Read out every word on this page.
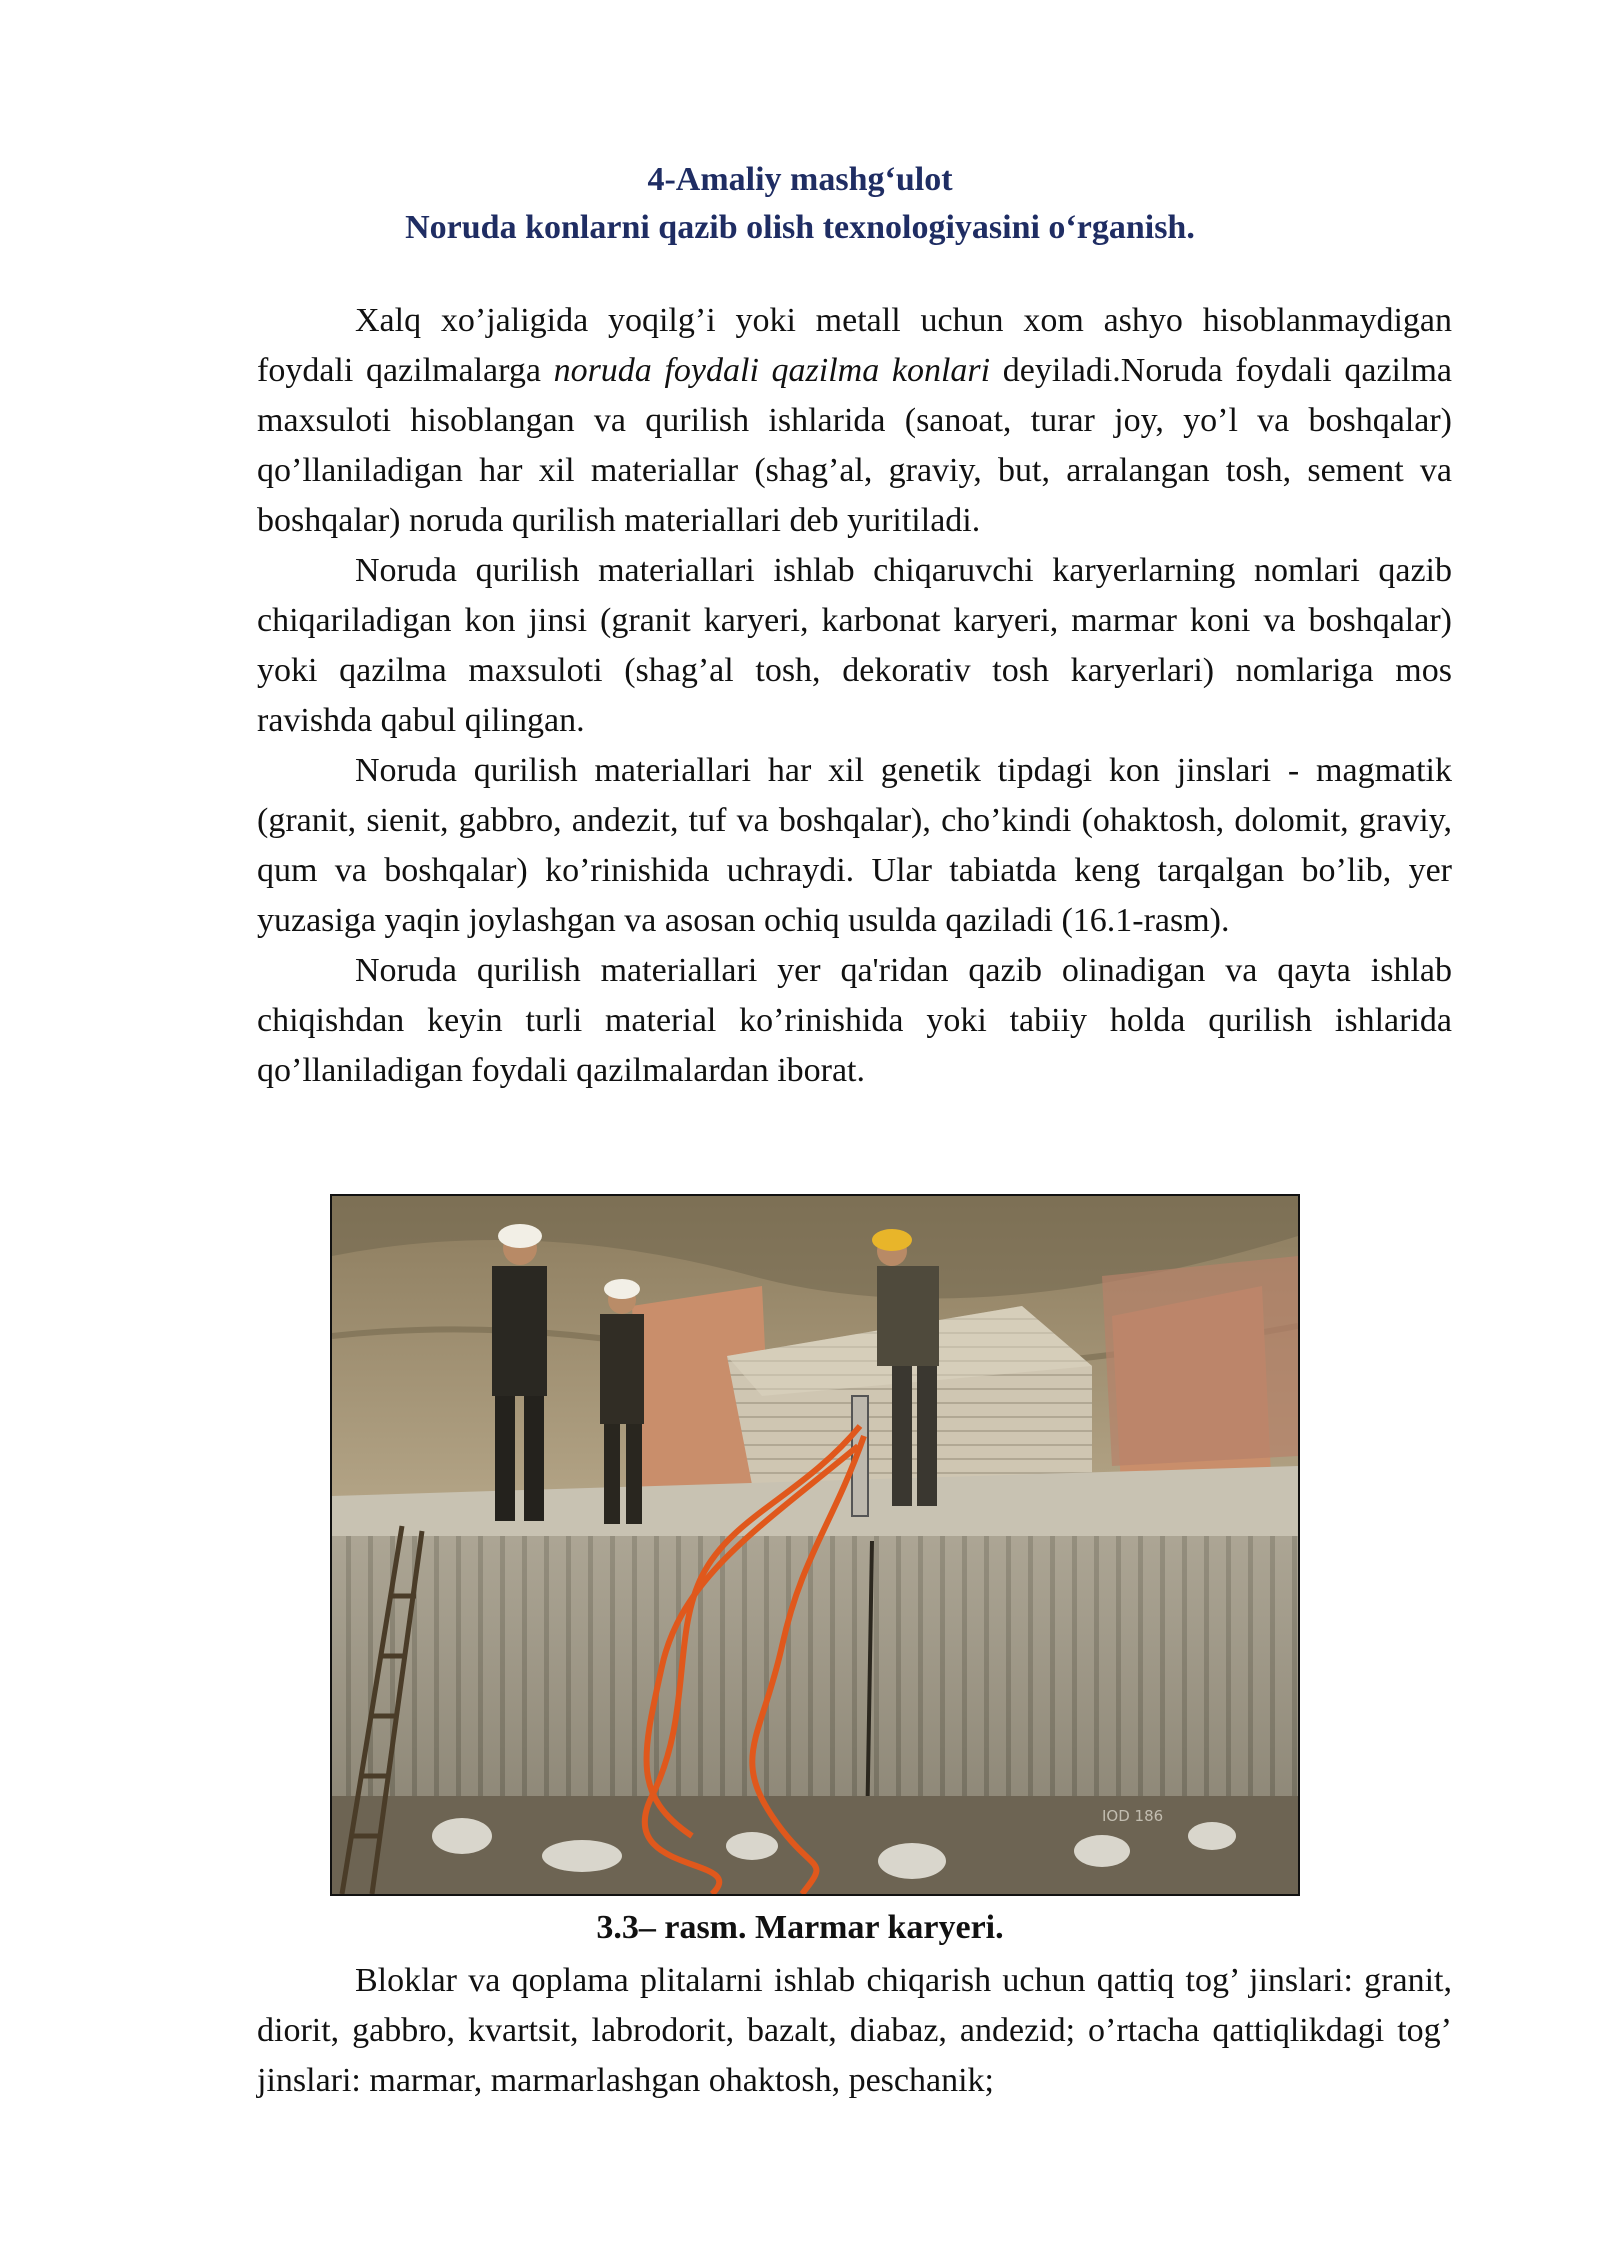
4-Amaliy mashg‘ulot

Noruda konlarni qazib olish texnologiyasini o‘rganish.

Xalq xo’jaligida yoqilg’i yoki metall uchun xom ashyo hisoblanmaydigan foydali qazilmalarga noruda foydali qazilma konlari deyiladi.Noruda foydali qazilma maxsuloti hisoblangan va qurilish ishlarida (sanoat, turar joy, yo’l va boshqalar) qo’llaniladigan har xil materiallar (shag’al, graviy, but, arralangan tosh, sement va boshqalar) noruda qurilish materiallari deb yuritiladi.

Noruda qurilish materiallari ishlab chiqaruvchi karyerlarning nomlari qazib chiqariladigan kon jinsi (granit karyeri, karbonat karyeri, marmar koni va boshqalar) yoki qazilma maxsuloti (shag’al tosh, dekorativ tosh karyerlari) nomlariga mos ravishda qabul qilingan.

Noruda qurilish materiallari har xil genetik tipdagi kon jinslari - magmatik (granit, sienit, gabbro, andezit, tuf va boshqalar), cho’kindi (ohaktosh, dolomit, graviy, qum va boshqalar) ko’rinishida uchraydi. Ular tabiatda keng tarqalgan bo’lib, yer yuzasiga yaqin joylashgan va asosan ochiq usulda qaziladi (16.1-rasm).

Noruda qurilish materiallari yer qa'ridan qazib olinadigan va qayta ishlab chiqishdan keyin turli material ko’rinishida yoki tabiiy holda qurilish ishlarida qo’llaniladigan foydali qazilmalardan iborat.

IOD 186

3.3– rasm. Marmar karyeri.

Bloklar va qoplama plitalarni ishlab chiqarish uchun qattiq tog’ jinslari: granit, diorit, gabbro, kvartsit, labrodorit, bazalt, diabaz, andezid; o’rtacha qattiqlikdagi tog’ jinslari: marmar, marmarlashgan ohaktosh, peschanik;
